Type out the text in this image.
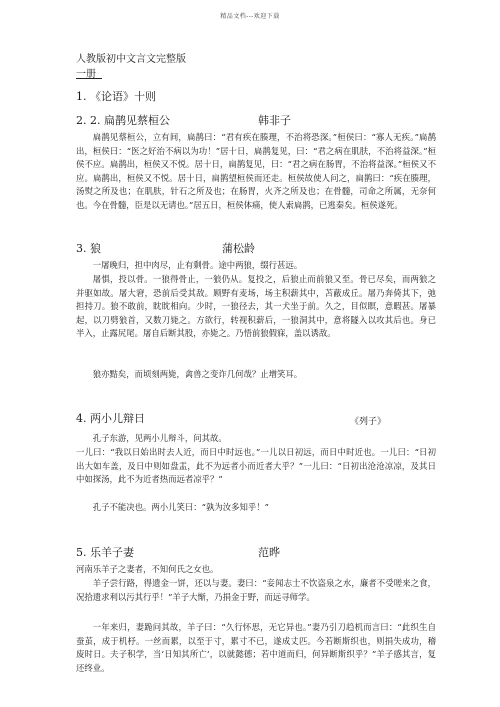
精品文档---欢迎下载
人教版初中文言文完整版
一册
1. 《论语》十则
2. 2. 扁鹊见蔡桓公	韩非子

扁鹊见蔡桓公，立有间，扁鹊曰：“君有疾在腠理，不治将恐深。”桓侯曰：“寡人无疾。”扁鹊出，桓侯曰：“医之好治不病以为功！”居十日，扁鹊复见，曰：“君之病在肌肤，不治将益深。”桓侯不应。扁鹊出，桓侯又不悦。居十日，扁鹊复见，曰：“君之病在肠胃，不治将益深。”桓侯又不应。扁鹊出，桓侯又不悦。居十日，扁鹊望桓侯而还走。桓侯故使人问之，扁鹊曰：“疾在腠理，汤熨之所及也；在肌肤，针石之所及也；在肠胃，火齐之所及也；在骨髓，司命之所属，无奈何也。今在骨髓，臣是以无请也。”居五日，桓侯体痛，使人索扁鹊，已逃秦矣。桓侯遂死。

3. 狼	蒲松龄

一屠晚归，担中肉尽，止有剩骨。途中两狼，缀行甚远。

屠惧，投以骨。一狼得骨止，一狼仍从。复投之，后狼止而前狼又至。骨已尽矣，而两狼之并驱如故。屠大窘，恐前后受其敌。顾野有麦场，场主积薪其中，苫蔽成丘。屠乃奔倚其下，弛担持刀。狼不敢前，眈眈相向。少时，一狼径去，其一犬坐于前。久之，目似瞑，意暇甚。屠暴起，以刀劈狼首，又数刀毙之。方欲行，转视积薪后，一狼洞其中，意将隧入以攻其后也。身已半入，止露尻尾。屠自后断其股，亦毙之。乃悟前狼假寐，盖以诱敌。

狼亦黠矣，而顷刻两毙，禽兽之变诈几何哉？止增笑耳。

4. 两小儿辩日	《列子》

孔子东游，见两小儿辩斗，问其故。

一儿曰：“我以日始出时去人近，而日中时远也。”一儿以日初远，而日中时近也。一儿曰：“日初出大如车盖，及日中则如盘盂，此不为远者小而近者大乎？”一儿曰：“日初出沧沧凉凉，及其日中如探汤，此不为近者热而远者凉乎？”

孔子不能决也。两小儿笑曰：“孰为汝多知乎！”

5. 乐羊子妻	范晔

河南乐羊子之妻者，不知何氏之女也。

羊子尝行路，得遗金一饼，还以与妻。妻曰：“妾闻志士不饮盗泉之水，廉者不受嗟来之食，况拾遗求利以污其行乎！”羊子大惭，乃捐金于野，而远寻师学。

一年来归，妻跪问其故，羊子曰：“久行怀思，无它异也。”妻乃引刀趋机而言曰：“此织生自蚕茧，成于机杼。一丝而累，以至于寸，累寸不已，遂成丈匹。今若断斯织也，则捐失成功，稽废时日。夫子积学，当‘日知其所亡’，以就懿德；若中道而归，何异断斯织乎？”羊子感其言，复还终业。
